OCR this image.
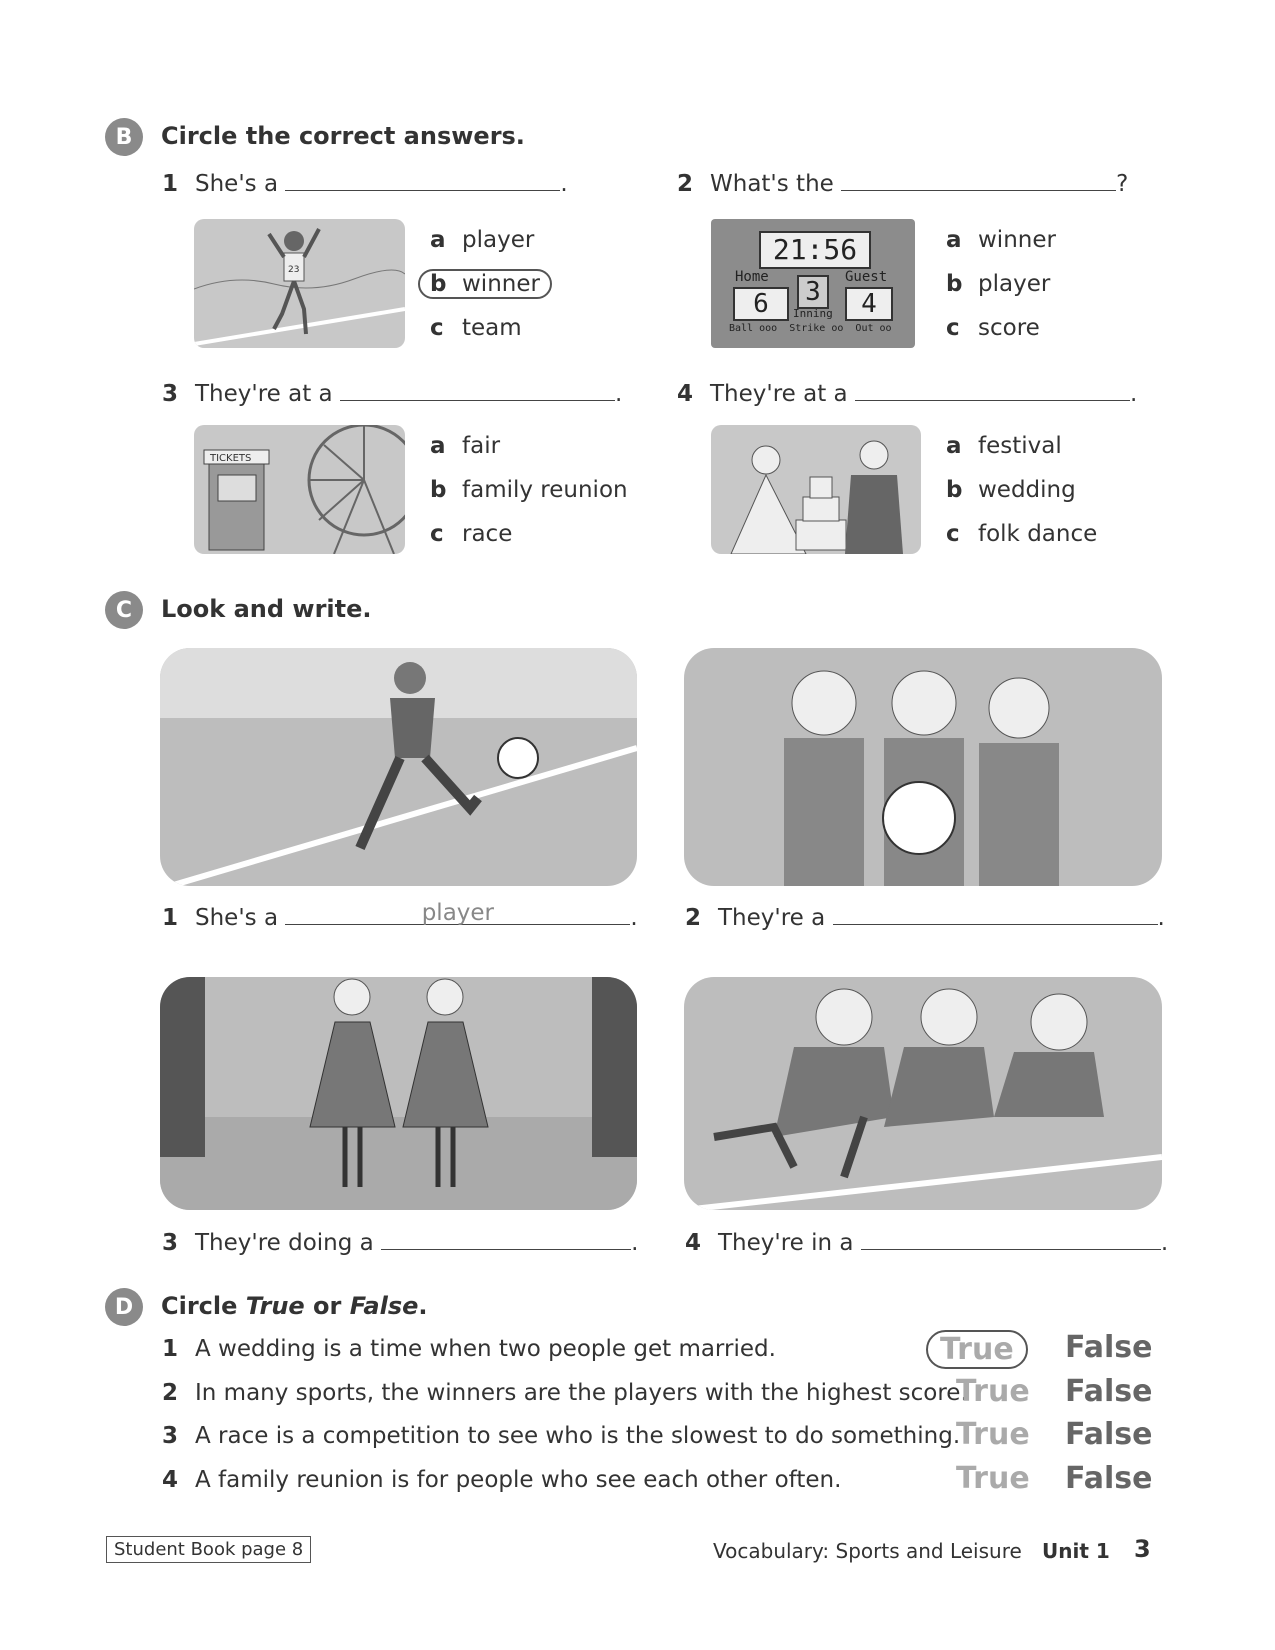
B	Circle the correct answers.
1 She's a	.
23
a player
b winner
c team
2 What's the	?
21:56
Home	Guest
6	3
Inning	4
Ball ooo  Strike oo  Out oo
a winner
b player
c score
3 They're at a	.
TICKETS	a fair
b family reunion
c race
4 They're at a	.
a festival
b wedding
c folk dance
C	Look and write.
1 She's a	player	. 2 They're a	.
3 They're doing a	. 4 They're in a	.
D	Circle True or False.
1 A wedding is a time when two people get married.	True	False
2 In many sports, the winners are the players with the highest score.
True False
3 A race is a competition to see who is the slowest to do something.
True False
4 A family reunion is for people who see each other often.	True False
Student Book page 8	Vocabulary: Sports and Leisure Unit 1 3
